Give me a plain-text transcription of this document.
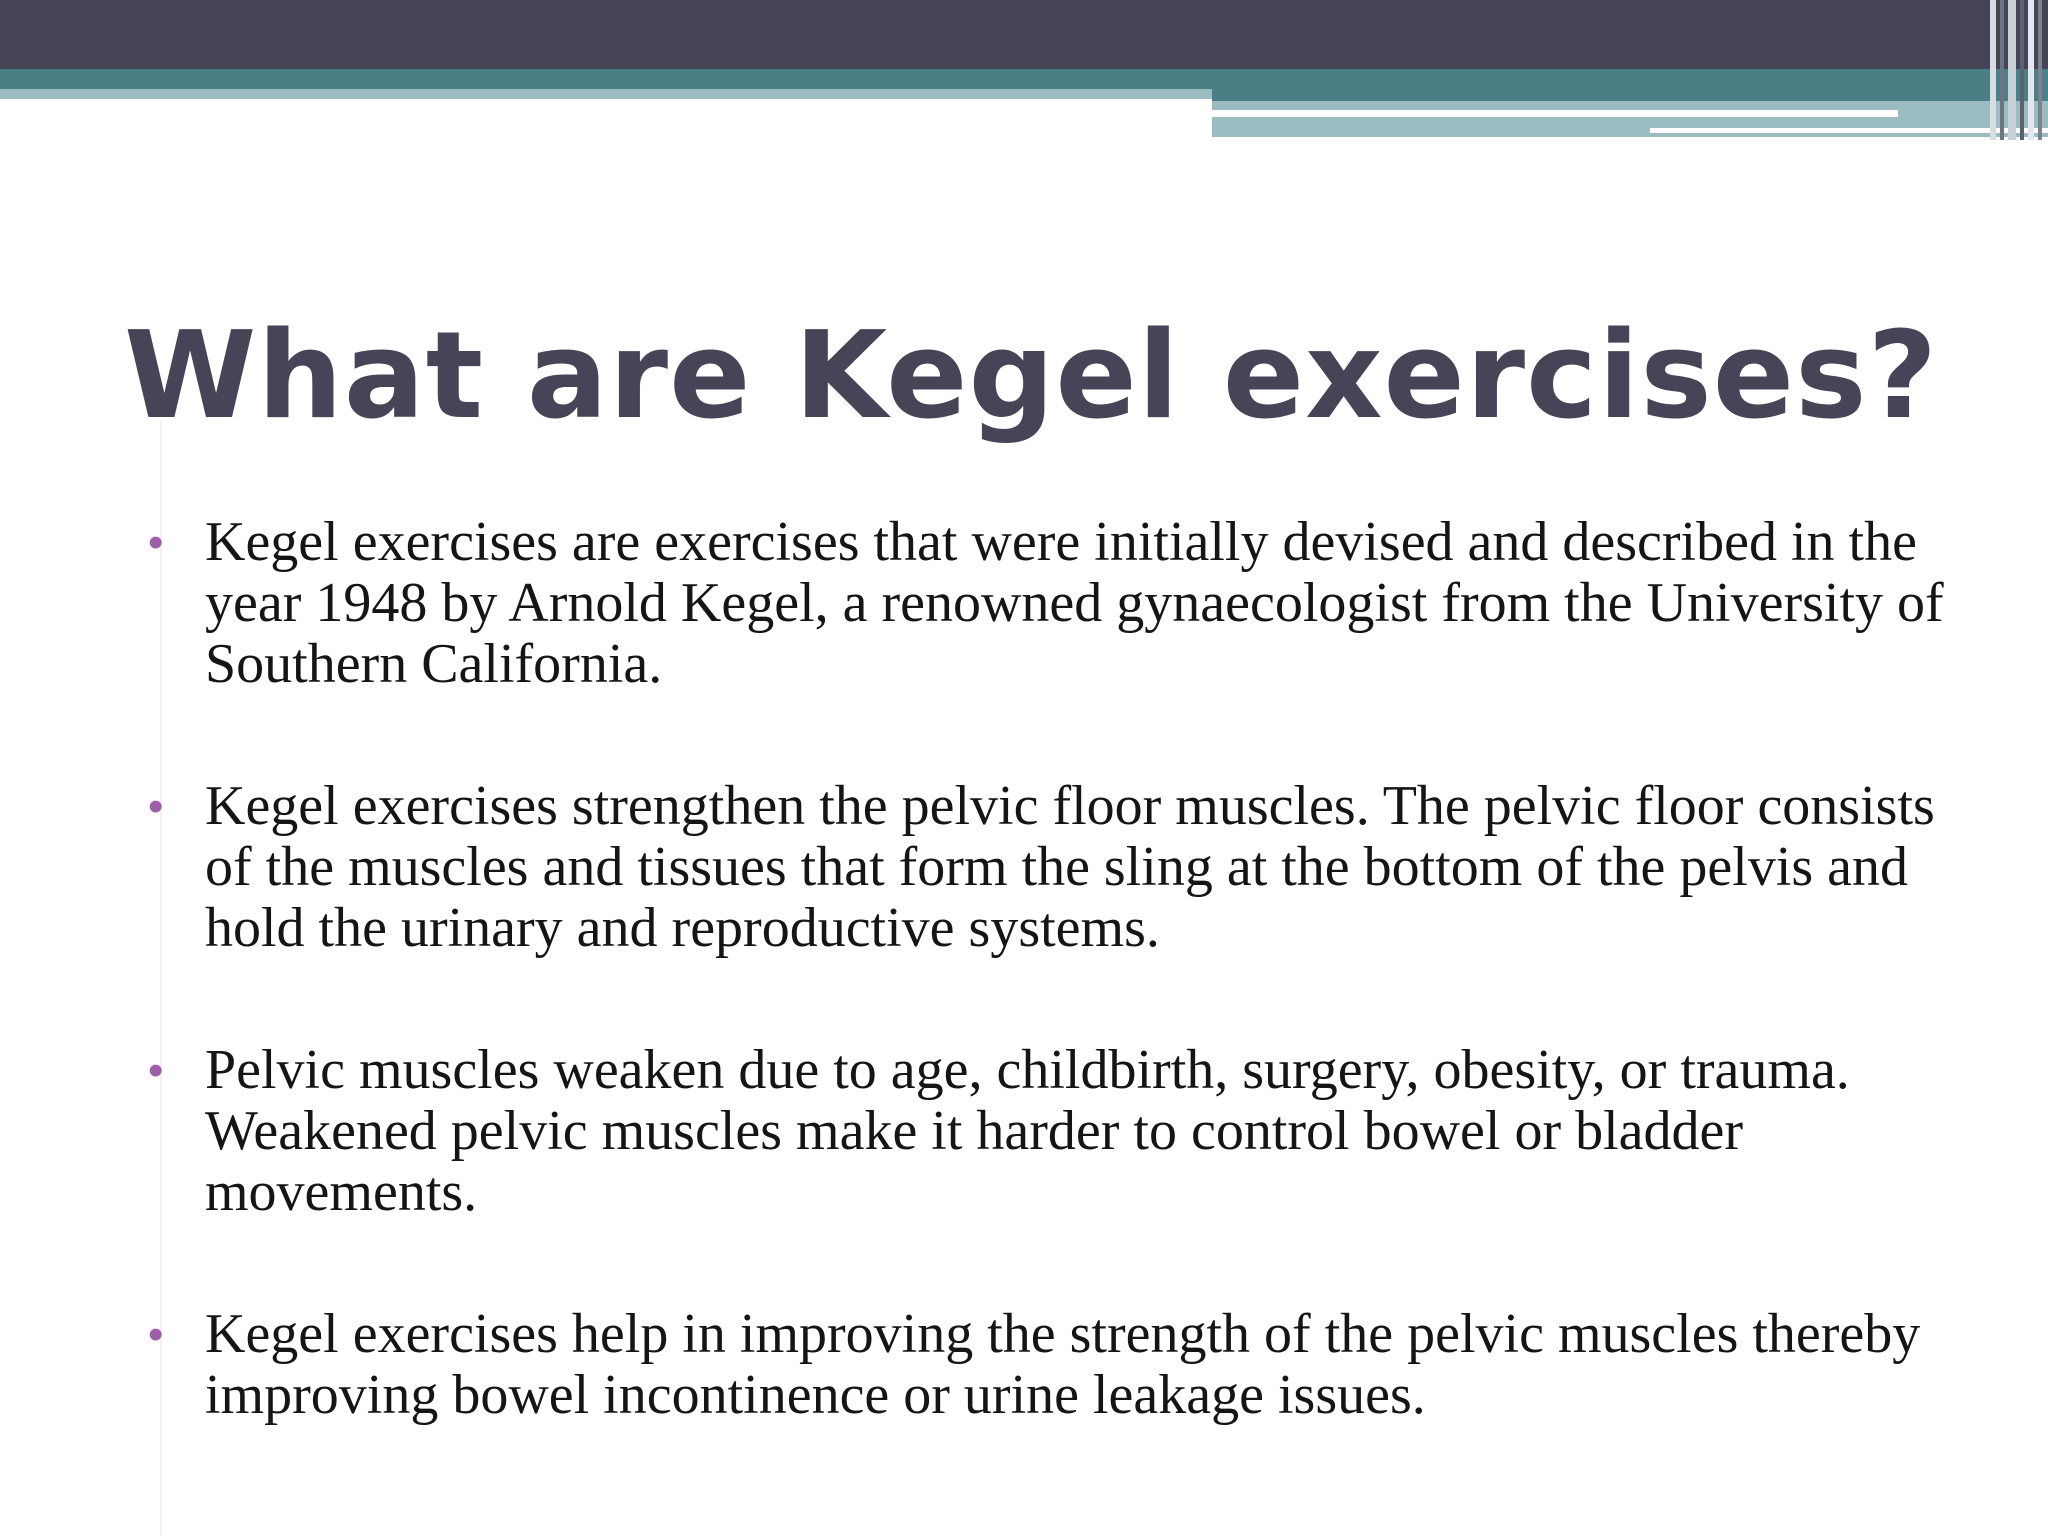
What are Kegel exercises?
• Kegel exercises are exercises that were initially devised and described in the year 1948 by Arnold Kegel, a renowned gynaecologist from the University of Southern California.
• Kegel exercises strengthen the pelvic floor muscles. The pelvic floor consists of the muscles and tissues that form the sling at the bottom of the pelvis and hold the urinary and reproductive systems.
• Pelvic muscles weaken due to age, childbirth, surgery, obesity, or trauma. Weakened pelvic muscles make it harder to control bowel or bladder movements.
• Kegel exercises help in improving the strength of the pelvic muscles thereby improving bowel incontinence or urine leakage issues.
